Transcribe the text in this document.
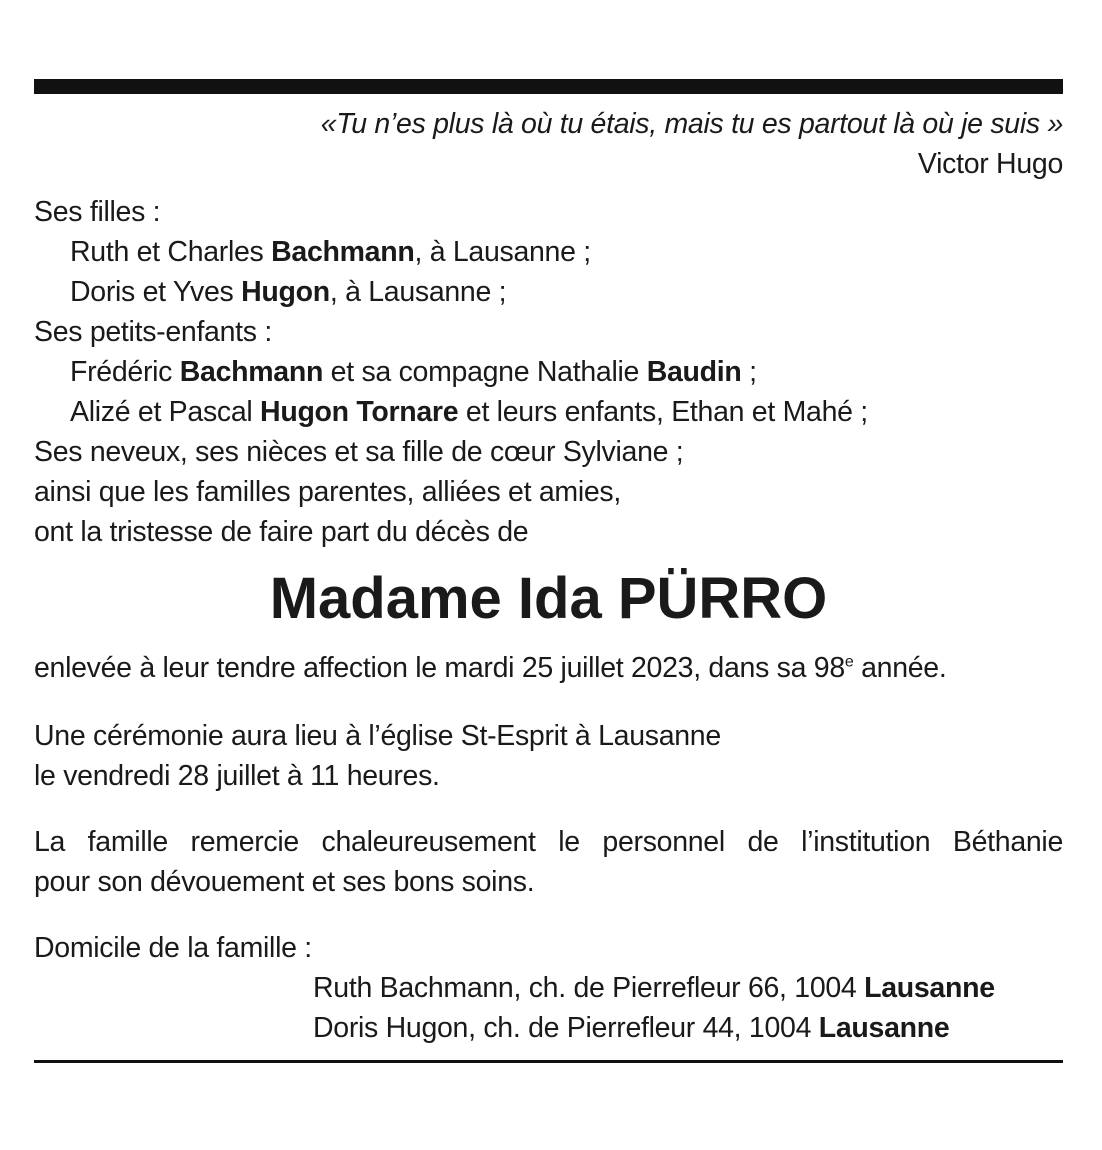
«Tu n’es plus là où tu étais, mais tu es partout là où je suis »
Victor Hugo
Ses filles :
Ruth et Charles Bachmann, à Lausanne ;
Doris et Yves Hugon, à Lausanne ;
Ses petits-enfants :
Frédéric Bachmann et sa compagne Nathalie Baudin ;
Alizé et Pascal Hugon Tornare et leurs enfants, Ethan et Mahé ;
Ses neveux, ses nièces et sa fille de cœur Sylviane ;
ainsi que les familles parentes, alliées et amies,
ont la tristesse de faire part du décès de
Madame Ida PÜRRO
enlevée à leur tendre affection le mardi 25 juillet 2023, dans sa 98e année.
Une cérémonie aura lieu à l’église St-Esprit à Lausanne
le vendredi 28 juillet à 11 heures.
La famille remercie chaleureusement le personnel de l’institution Béthanie
pour son dévouement et ses bons soins.
Domicile de la famille :
Ruth Bachmann, ch. de Pierrefleur 66, 1004 Lausanne
Doris Hugon, ch. de Pierrefleur 44, 1004 Lausanne
